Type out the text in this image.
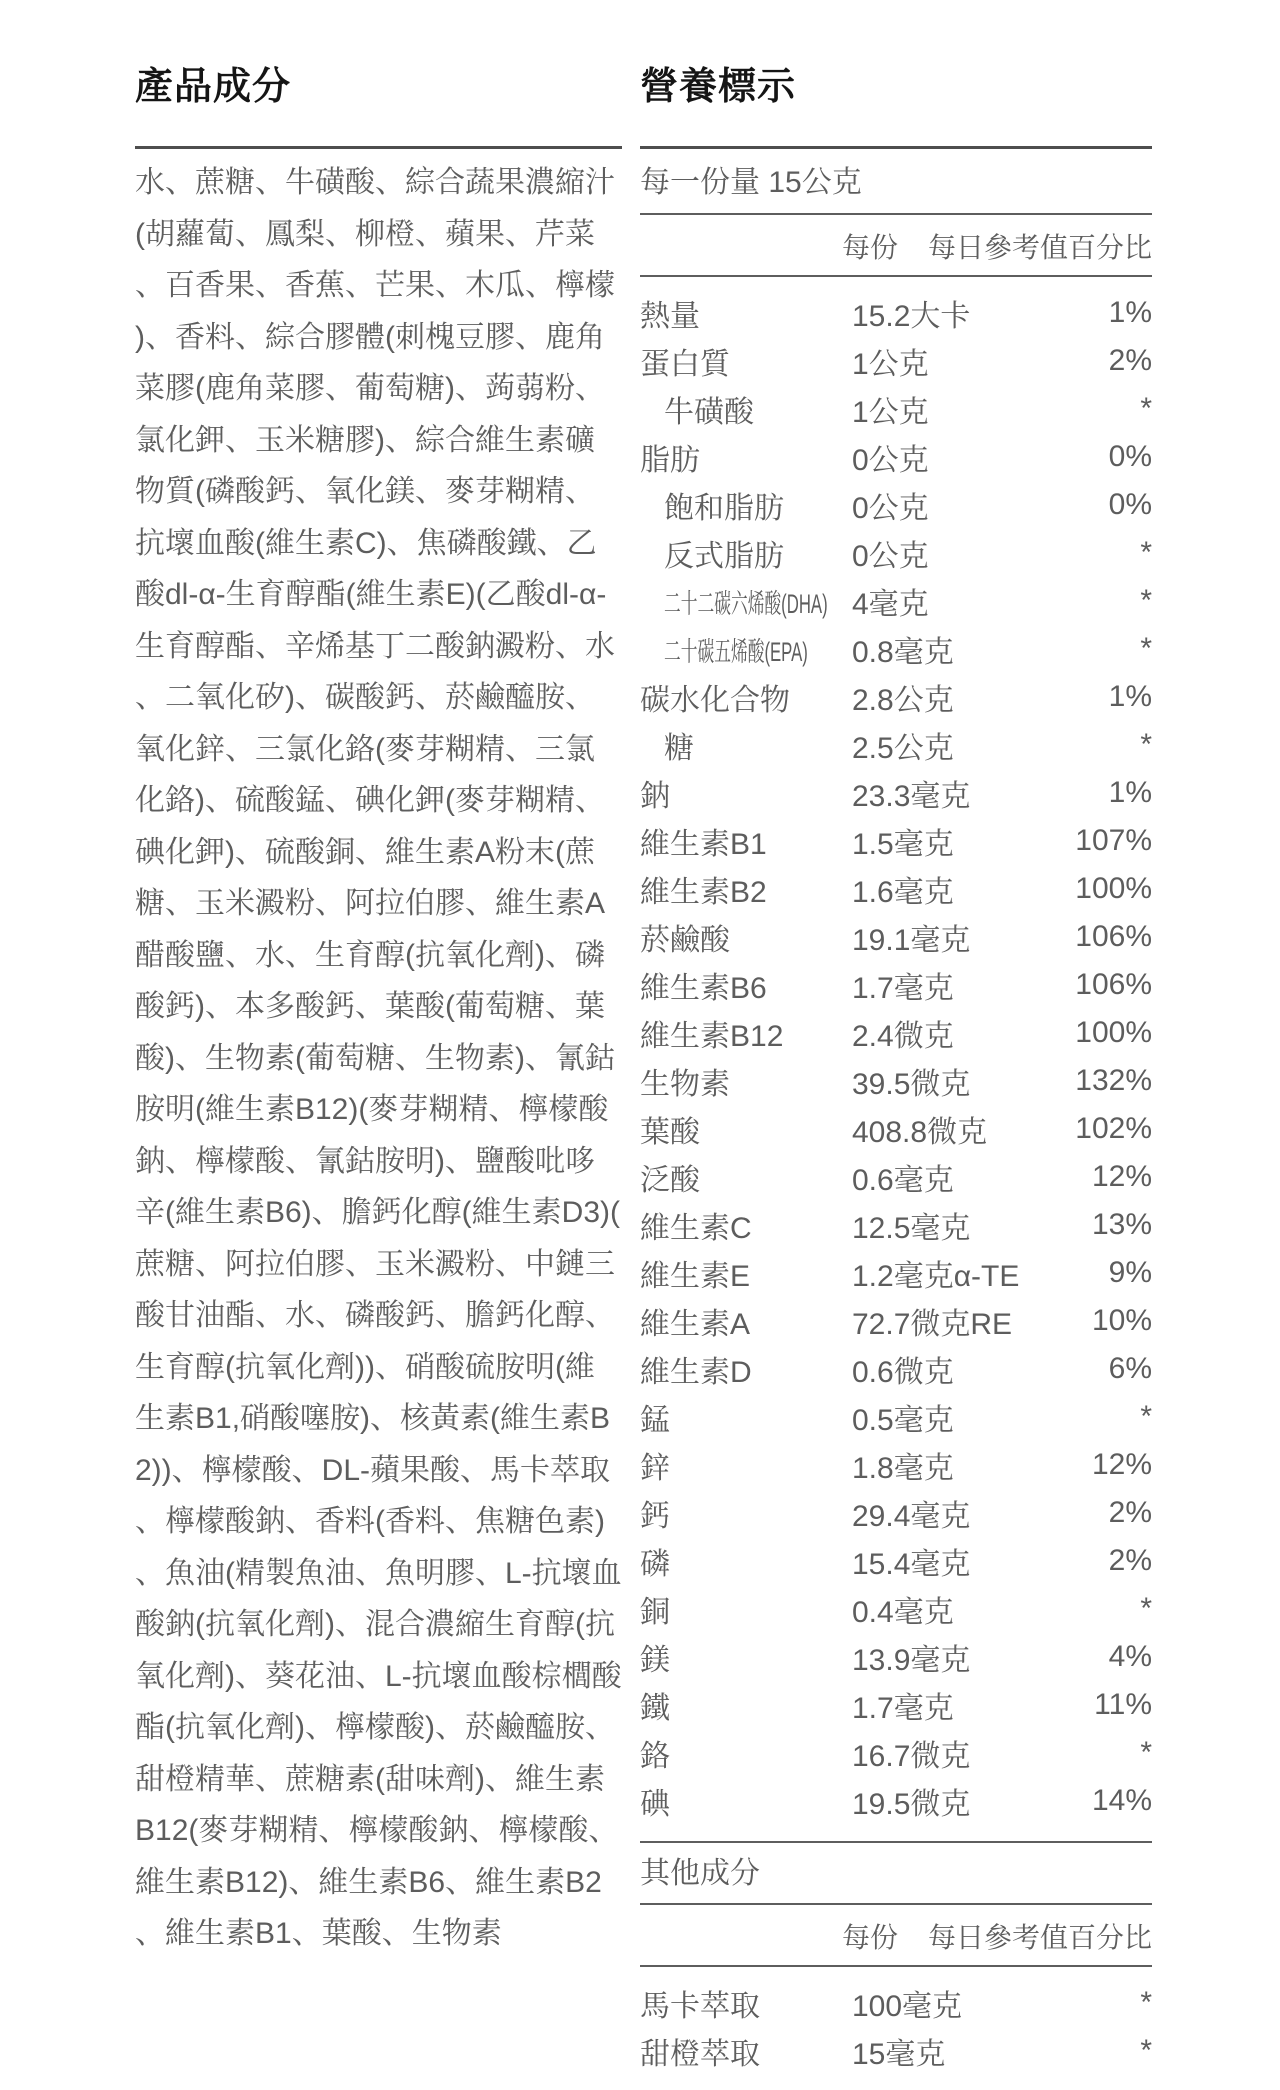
產品成分

水、蔗糖、牛磺酸、綜合蔬果濃縮汁(胡蘿蔔、鳳梨、柳橙、蘋果、芹菜、百香果、香蕉、芒果、木瓜、檸檬)、香料、綜合膠體(刺槐豆膠、鹿角菜膠(鹿角菜膠、葡萄糖)、蒟蒻粉、氯化鉀、玉米糖膠)、綜合維生素礦物質(磷酸鈣、氧化鎂、麥芽糊精、抗壞血酸(維生素C)、焦磷酸鐵、乙酸dl-α-生育醇酯(維生素E)(乙酸dl-α-生育醇酯、辛烯基丁二酸鈉澱粉、水、二氧化矽)、碳酸鈣、菸鹼醯胺、氧化鋅、三氯化鉻(麥芽糊精、三氯化鉻)、硫酸錳、碘化鉀(麥芽糊精、碘化鉀)、硫酸銅、維生素A粉末(蔗糖、玉米澱粉、阿拉伯膠、維生素A醋酸鹽、水、生育醇(抗氧化劑)、磷酸鈣)、本多酸鈣、葉酸(葡萄糖、葉酸)、生物素(葡萄糖、生物素)、氰鈷胺明(維生素B12)(麥芽糊精、檸檬酸鈉、檸檬酸、氰鈷胺明)、鹽酸吡哆辛(維生素B6)、膽鈣化醇(維生素D3)(蔗糖、阿拉伯膠、玉米澱粉、中鏈三酸甘油酯、水、磷酸鈣、膽鈣化醇、生育醇(抗氧化劑))、硝酸硫胺明(維生素B1,硝酸噻胺)、核黃素(維生素B2))、檸檬酸、DL-蘋果酸、馬卡萃取、檸檬酸鈉、香料(香料、焦糖色素)、魚油(精製魚油、魚明膠、L-抗壞血酸鈉(抗氧化劑)、混合濃縮生育醇(抗氧化劑)、葵花油、L-抗壞血酸棕櫚酸酯(抗氧化劑)、檸檬酸)、菸鹼醯胺、甜橙精華、蔗糖素(甜味劑)、維生素B12(麥芽糊精、檸檬酸鈉、檸檬酸、維生素B12)、維生素B6、維生素B2、維生素B1、葉酸、生物素

營養標示
每一份量 15公克
每份 每日參考值百分比
熱量	15.2大卡	1%
蛋白質	1公克	2%
牛磺酸	1公克	*
脂肪	0公克	0%
飽和脂肪	0公克	0%
反式脂肪	0公克	*
二十二碳六烯酸(DHA) 4毫克	*
二十碳五烯酸(EPA)	0.8毫克	*
碳水化合物	2.8公克	1%
糖	2.5公克	*
鈉	23.3毫克	1%
維生素B1	1.5毫克	107%
維生素B2	1.6毫克	100%
菸鹼酸	19.1毫克	106%
維生素B6	1.7毫克	106%
維生素B12	2.4微克	100%
生物素	39.5微克	132%
葉酸	408.8微克	102%
泛酸	0.6毫克	12%
維生素C	12.5毫克	13%
維生素E	1.2毫克α-TE	9%
維生素A	72.7微克RE	10%
維生素D	0.6微克	6%
錳	0.5毫克	*
鋅	1.8毫克	12%
鈣	29.4毫克	2%
磷	15.4毫克	2%
銅	0.4毫克	*
鎂	13.9毫克	4%
鐵	1.7毫克	11%
鉻	16.7微克	*
碘	19.5微克	14%
其他成分
每份 每日參考值百分比
馬卡萃取	100毫克	*
甜橙萃取	15毫克	*
